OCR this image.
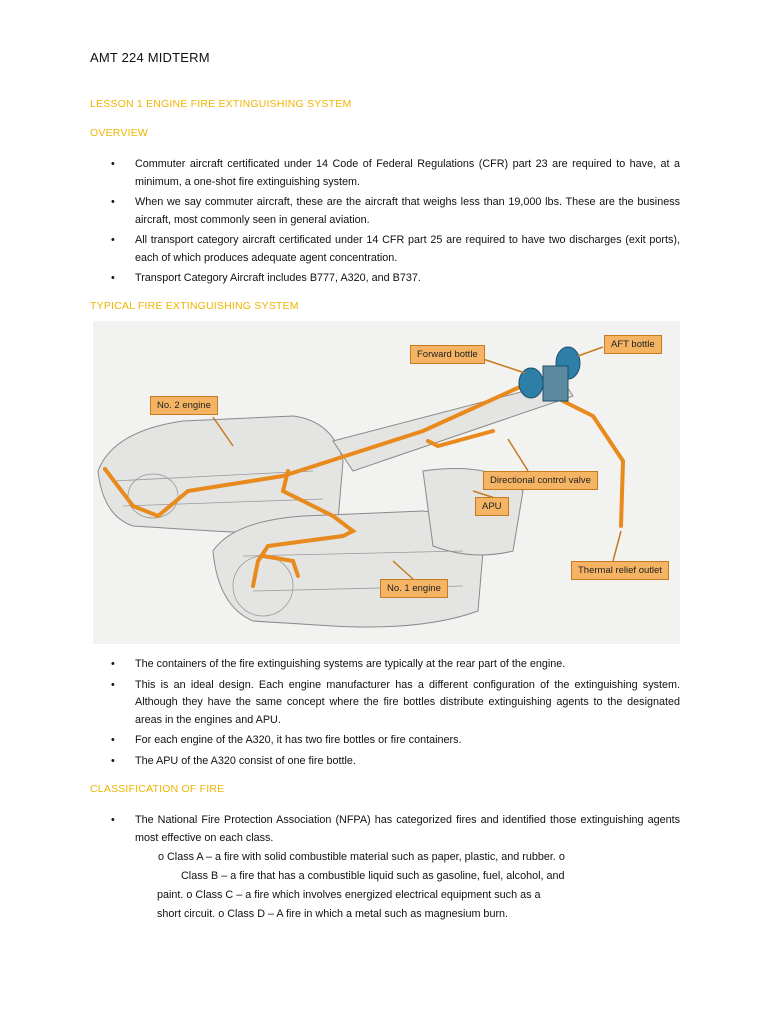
AMT 224 MIDTERM
LESSON 1 ENGINE FIRE EXTINGUISHING SYSTEM
OVERVIEW
• Commuter aircraft certificated under 14 Code of Federal Regulations (CFR) part 23 are required to have, at a minimum, a one-shot fire extinguishing system.
• When we say commuter aircraft, these are the aircraft that weighs less than 19,000 lbs. These are the business aircraft, most commonly seen in general aviation.
• All transport category aircraft certificated under 14 CFR part 25 are required to have two discharges (exit ports), each of which produces adequate agent concentration.
• Transport Category Aircraft includes B777, A320, and B737.
TYPICAL FIRE EXTINGUISHING SYSTEM
Forward bottle
AFT bottle
No. 2 engine
Directional control valve
APU
Thermal relief outlet
No. 1 engine
• The containers of the fire extinguishing systems are typically at the rear part of the engine.
• This is an ideal design. Each engine manufacturer has a different configuration of the extinguishing system. Although they have the same concept where the fire bottles distribute extinguishing agents to the designated areas in the engines and APU.
• For each engine of the A320, it has two fire bottles or fire containers.
• The APU of the A320 consist of one fire bottle.
CLASSIFICATION OF FIRE
• The National Fire Protection Association (NFPA) has categorized fires and identified those extinguishing agents most effective on each class.
o Class A – a fire with solid combustible material such as paper, plastic, and rubber. o
Class B – a fire that has a combustible liquid such as gasoline, fuel, alcohol, and
paint. o Class C – a fire which involves energized electrical equipment such as a
short circuit. o Class D – A fire in which a metal such as magnesium burn.
